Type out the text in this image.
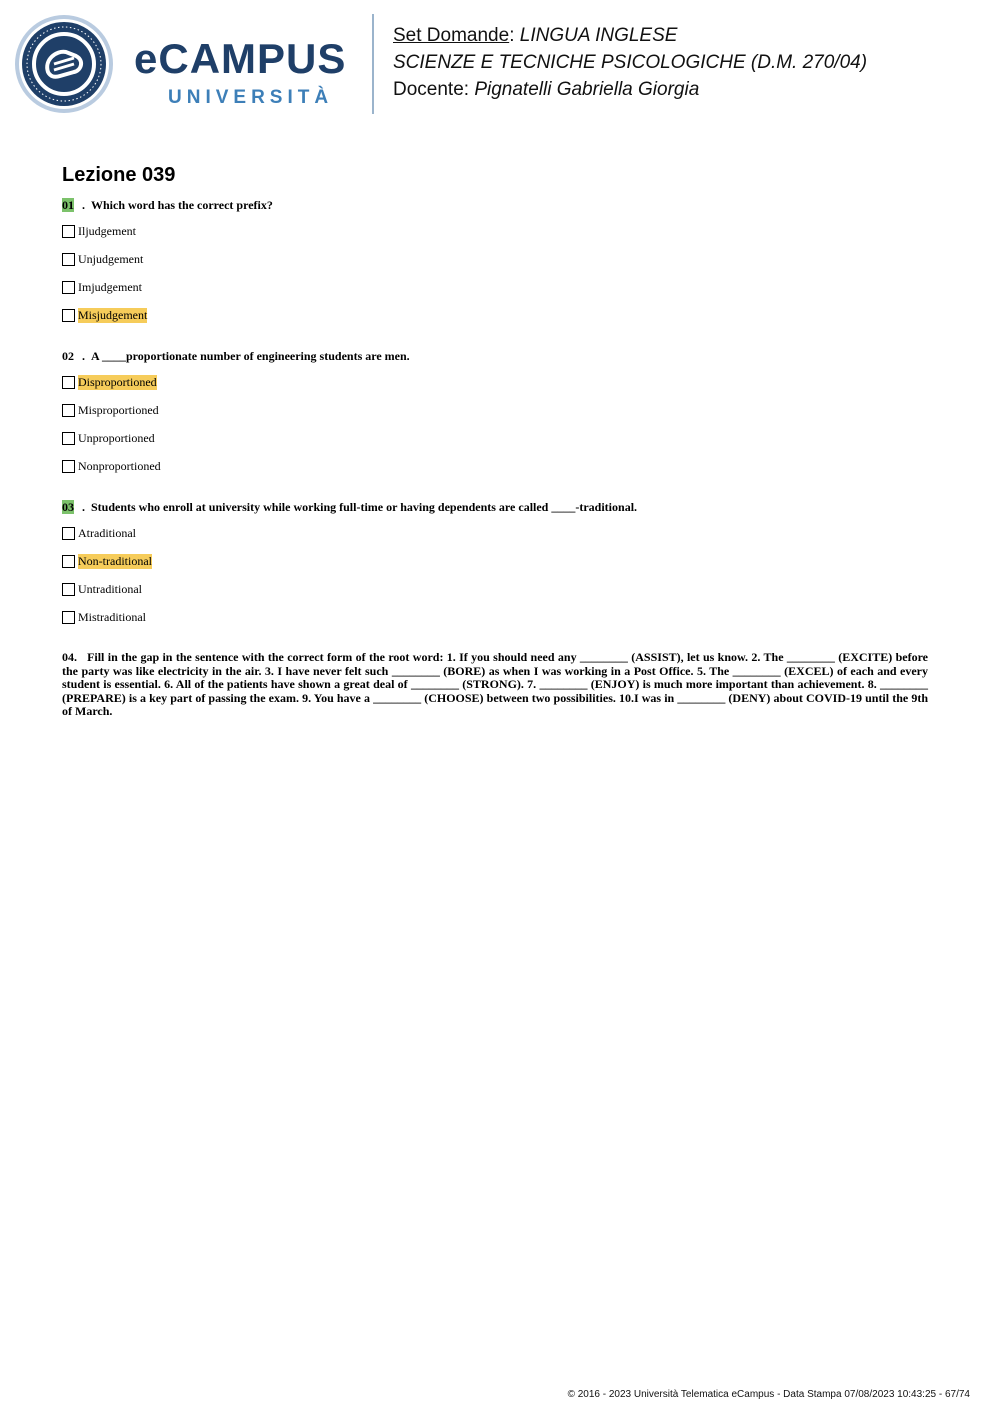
eCAMPUS
UNIVERSITÀ
Set Domande: LINGUA INGLESE
SCIENZE E TECNICHE PSICOLOGICHE (D.M. 270/04)
Docente: Pignatelli Gabriella Giorgia
Lezione 039
01 .  Which word has the correct prefix?
Iljudgement
Unjudgement
Imjudgement
Misjudgement
02 .  A ____proportionate number of engineering students are men.
Disproportioned
Misproportioned
Unproportioned
Nonproportioned
03 .  Students who enroll at university while working full-time or having dependents are called ____-traditional.
Atraditional
Non-traditional
Untraditional
Mistraditional
04.   Fill in the gap in the sentence with the correct form of the root word: 1. If you should need any ________ (ASSIST), let us know. 2. The ________ (EXCITE) before the party was like electricity in the air. 3. I have never felt such ________ (BORE) as when I was working in a Post Office. 5. The ________ (EXCEL) of each and every student is essential. 6. All of the patients have shown a great deal of ________ (STRONG). 7. ________ (ENJOY) is much more important than achievement. 8. ________ (PREPARE) is a key part of passing the exam. 9. You have a ________ (CHOOSE) between two possibilities. 10.I was in ________ (DENY) about COVID-19 until the 9th of March.
© 2016 - 2023 Università Telematica eCampus - Data Stampa 07/08/2023 10:43:25 - 67/74
